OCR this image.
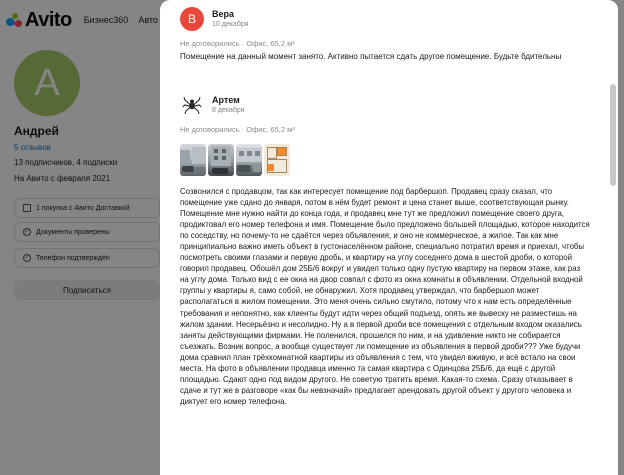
Avito Бизнес360 Авто
А
Андрей
5 отзывов
13 подписчиков, 4 подписки
На Авито с февраля 2021
1 покупка с Авито Доставкой
✓ Документы проверены
✓ Телефон подтверждён
Подписаться
В	Вера
10 декабря
Не договорились · Офис, 65,2 м²
Помещение на данный момент занято. Активно пытается сдать другое помещение. Будьте бдительны
Артем
8 декабря
Не договорились · Офис, 65,2 м²
Созвонился с продавцом, так как интересует помещение под барбершоп. Продавец сразу сказал, что помещение уже сдано до января, потом в нём будет ремонт и цена станет выше, соответствующая рынку. Помещение мне нужно найти до конца года, и продавец мне тут же предложил помещение своего друга, продиктовал его номер телефона и имя. Помещение было предложено большей площадью, которое находится по соседству, но почему-то не сдаётся через объявления, и оно не коммерческое, а жилое. Так как мне принципиально важно иметь объект в густонаселённом районе, специально потратил время и приехал, чтобы посмотреть своими глазами и первую дробь, и квартиру на углу соседнего дома в шестой дроби, о которой говорил продавец. Обошёл дом 25Б/6 вокруг и увидел только одну пустую квартиру на первом этаже, как раз на углу дома. Только вид с ее окна на двор совпал с фото из окна комнаты в объявлении. Отдельной входной группы у квартиры я, само собой, не обнаружил. Хотя продавец утверждал, что барбершоп может располагаться в жилом помещении. Это меня очень сильно смутило, потому что к нам есть определённые требования и непонятно, как клиенты будут идти через общий подъезд, опять же вывеску не разместишь на жилом здании. Несерьёзно и несолидно. Ну а в первой дроби все помещения с отдельным входом оказались заняты действующими фирмами. Не поленился, прошелся по ним, и на удивление никто не собирается съезжать. Возник вопрос, а вообще существует ли помещение из объявления в первой дроби??? Уже будучи дома сравнил план трёхкомнатной квартиры из объявления с тем, что увидел вживую, и всё встало на свои места. На фото в объявлении продавца именно та самая квартира с Одинцова 25Б/6, да ещё с другой площадью. Сдают одно под видом другого. Не советую тратить время. Какая-то схема. Сразу отказывает в сдаче и тут же в разговоре «как бы невзначай» предлагает арендовать другой объект у другого человека и диктует его номер телефона.
